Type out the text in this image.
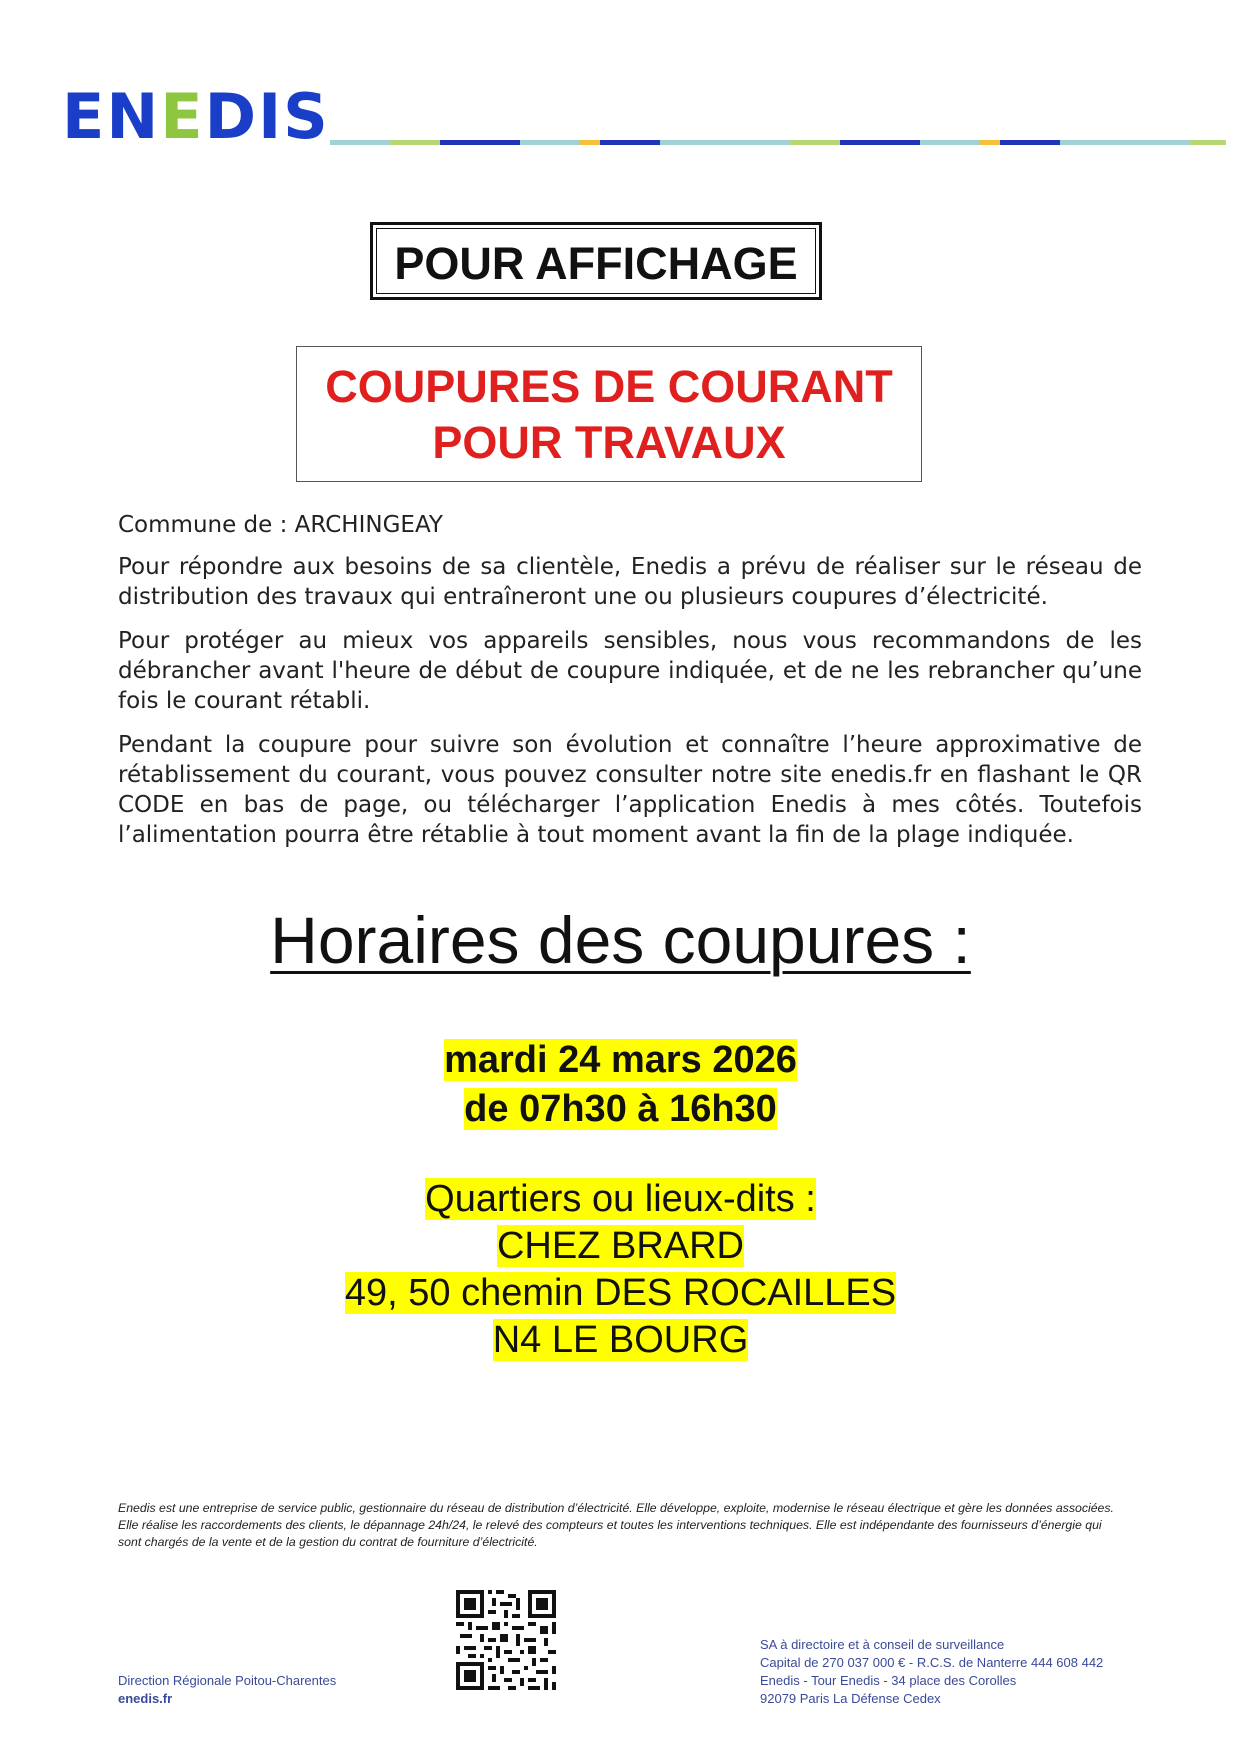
ENEDIS
POUR AFFICHAGE
COUPURES DE COURANT
POUR TRAVAUX
Commune de : ARCHINGEAY
Pour répondre aux besoins de sa clientèle, Enedis a prévu de réaliser sur le réseau de distribution des travaux qui entraîneront une ou plusieurs coupures d’électricité.
Pour protéger au mieux vos appareils sensibles, nous vous recommandons de les débrancher avant l'heure de début de coupure indiquée, et de ne les rebrancher qu’une fois le courant rétabli.
Pendant la coupure pour suivre son évolution et connaître l’heure approximative de rétablissement du courant, vous pouvez consulter notre site enedis.fr en flashant le QR CODE en bas de page, ou télécharger l’application Enedis à mes côtés. Toutefois l’alimentation pourra être rétablie à tout moment avant la fin de la plage indiquée.
Horaires des coupures :
mardi 24 mars 2026
de 07h30 à 16h30
Quartiers ou lieux-dits :
CHEZ BRARD
49, 50 chemin DES ROCAILLES
N4 LE BOURG
Enedis est une entreprise de service public, gestionnaire du réseau de distribution d’électricité. Elle développe, exploite, modernise le réseau électrique et gère les données associées. Elle réalise les raccordements des clients, le dépannage 24h/24, le relevé des compteurs et toutes les interventions techniques. Elle est indépendante des fournisseurs d’énergie qui sont chargés de la vente et de la gestion du contrat de fourniture d’électricité.
Direction Régionale Poitou-Charentes
enedis.fr
SA à directoire et à conseil de surveillance
Capital de 270 037 000 € - R.C.S. de Nanterre 444 608 442
Enedis - Tour Enedis - 34 place des Corolles
92079 Paris La Défense Cedex
